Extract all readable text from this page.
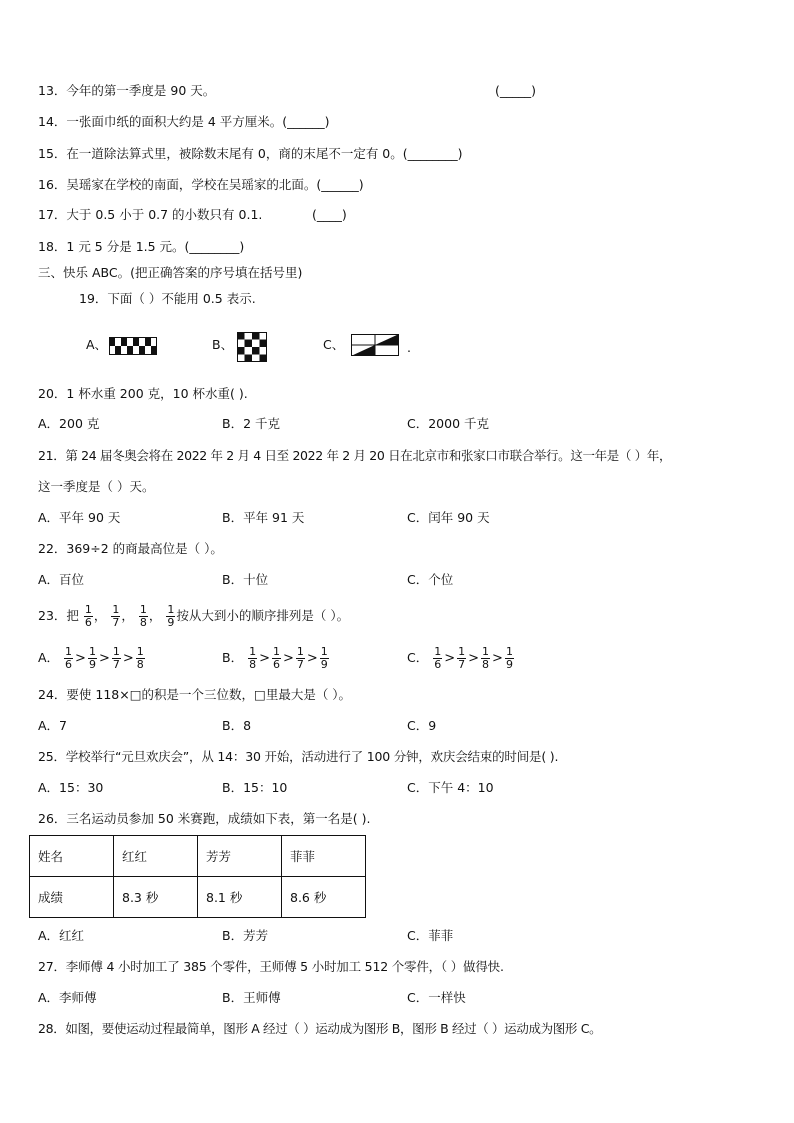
13．今年的第一季度是 90 天。	(_____)
14．一张面巾纸的面积大约是 4 平方厘米。(______)
15．在一道除法算式里，被除数末尾有 0，商的末尾不一定有 0。(________)
16．吴瑶家在学校的南面，学校在吴瑶家的北面。(______)
17．大于 0.5 小于 0.7 的小数只有 0.1.	(____)
18．1 元 5 分是 1.5 元。(________)
三、快乐 ABC。(把正确答案的序号填在括号里)
19．下面（ ）不能用 0.5 表示.
A、	B、	C、	.
20．1 杯水重 200 克，10 杯水重( ).
A．200 克	B．2 千克	C．2000 千克
21．第 24 届冬奥会将在 2022 年 2 月 4 日至 2022 年 2 月 20 日在北京市和张家口市联合举行。这一年是（ ）年，
这一季度是（ ）天。
A．平年 90 天	B．平年 91 天	C．闰年 90 天
22．369÷2 的商最高位是（ ）。
A．百位	B．十位	C．个位
23．把 $\frac{1}{6}$ ， $\frac{1}{7}$ ， $\frac{1}{8}$ ， $\frac{1}{9}$ 按从大到小的顺序排列是（ ）。
A． $\frac{1}{6} > \frac{1}{9} > \frac{1}{7} > \frac{1}{8}$	B． $\frac{1}{8} > \frac{1}{6} > \frac{1}{7} > \frac{1}{9}$	C． $\frac{1}{6} > \frac{1}{7} > \frac{1}{8} > \frac{1}{9}$
24．要使 118×□的积是一个三位数，□里最大是（ ）。
A．7	B．8	C．9
25．学校举行“元旦欢庆会”，从 14：30 开始，活动进行了 100 分钟，欢庆会结束的时间是( ).
A．15：30	B．15：10	C．下午 4：10
26．三名运动员参加 50 米赛跑，成绩如下表，第一名是( ).
姓名	红红	芳芳	菲菲
成绩	8.3 秒	8.1 秒	8.6 秒
A．红红	B．芳芳	C．菲菲
27．李师傅 4 小时加工了 385 个零件，王师傅 5 小时加工 512 个零件，（ ）做得快.
A．李师傅	B．王师傅	C．一样快
28．如图，要使运动过程最简单，图形 A 经过（ ）运动成为图形 B，图形 B 经过（ ）运动成为图形 C。
